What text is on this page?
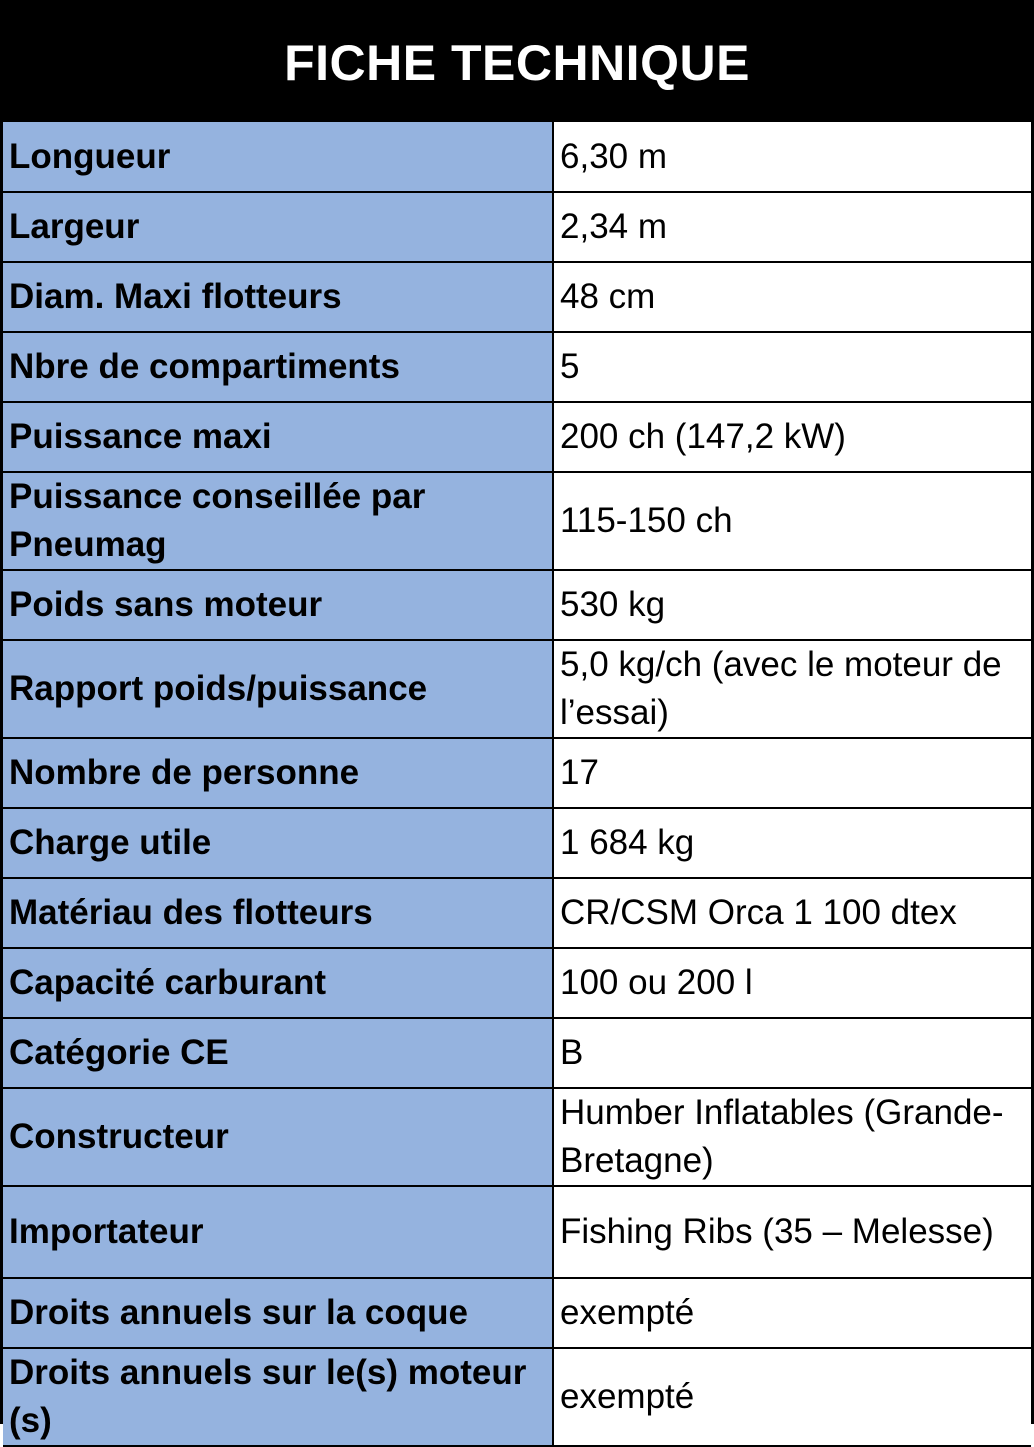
FICHE TECHNIQUE
Longueur	6,30 m
Largeur	2,34 m
Diam. Maxi flotteurs	48 cm
Nbre de compartiments	5
Puissance maxi	200 ch (147,2 kW)
Puissance conseillée par Pneumag	115-150 ch
Poids sans moteur	530 kg
Rapport poids/puissance	5,0 kg/ch (avec le moteur de l’essai)
Nombre de personne	17
Charge utile	1 684 kg
Matériau des flotteurs	CR/CSM Orca 1 100 dtex
Capacité carburant	100 ou 200 l
Catégorie CE	B
Constructeur	Humber Inflatables (Grande-Bretagne)
Importateur	Fishing Ribs (35 – Melesse)
Droits annuels sur la coque	exempté
Droits annuels sur le(s) moteur (s)	exempté
